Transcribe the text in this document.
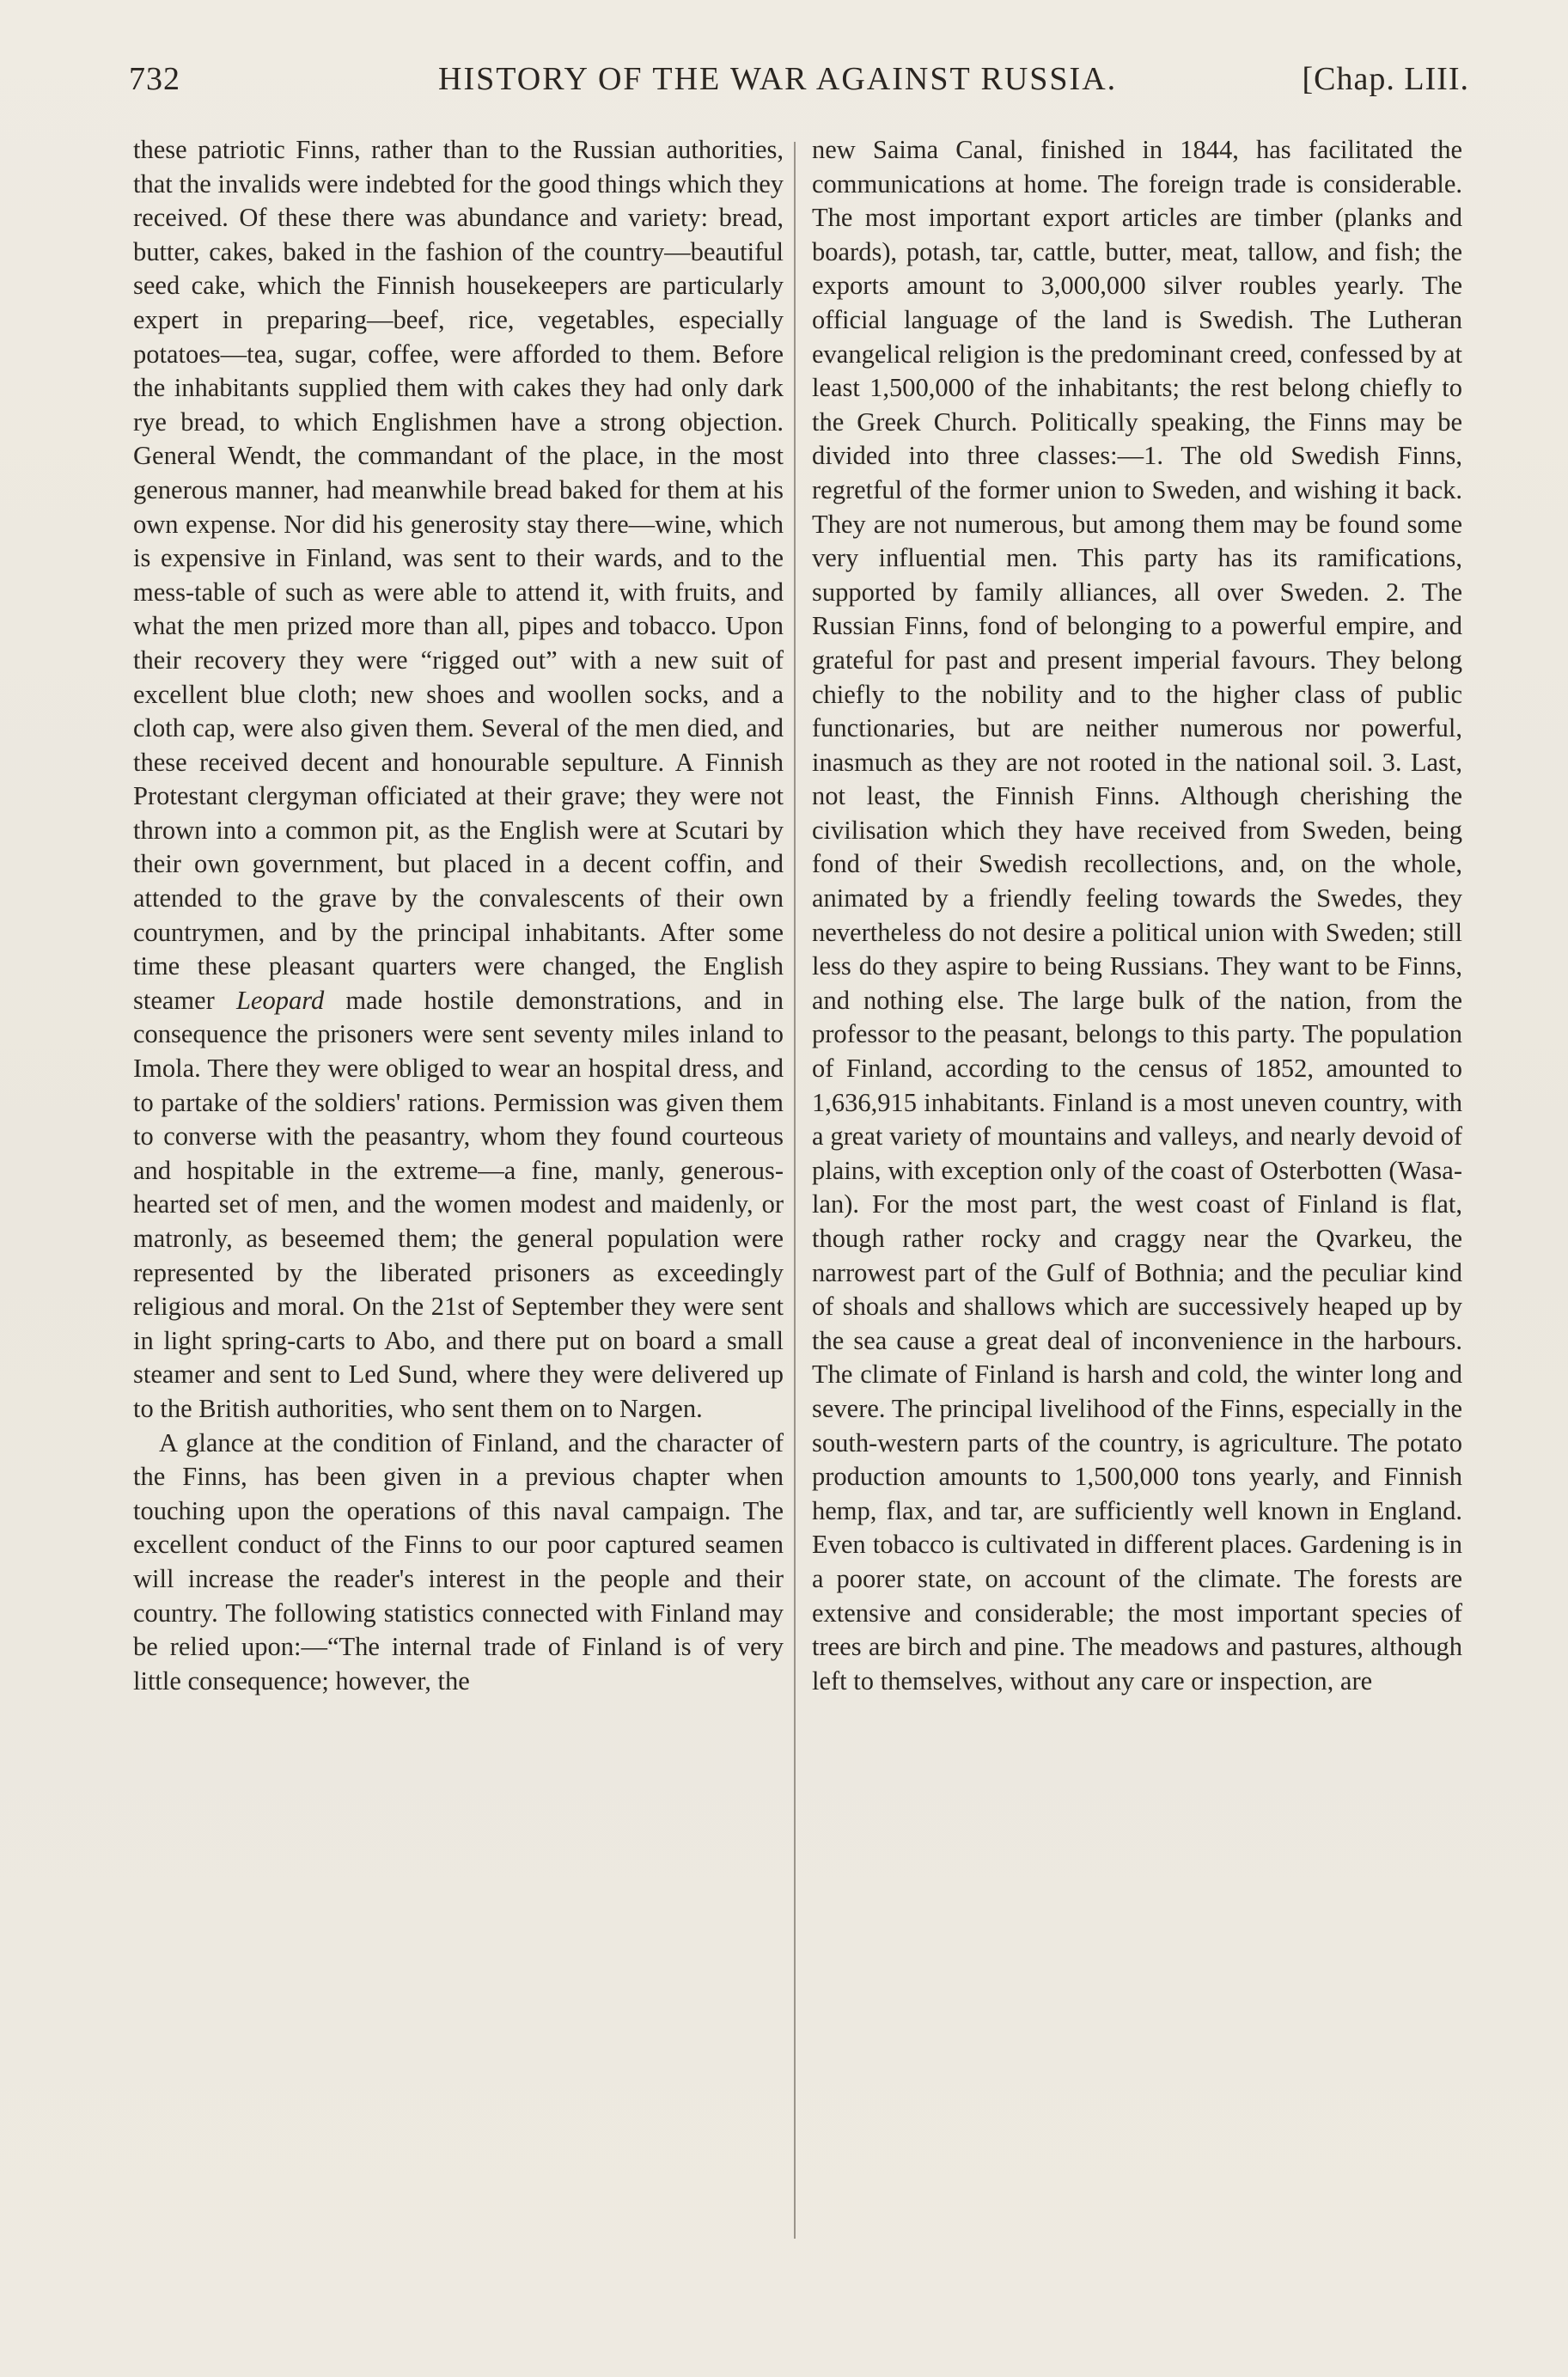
732	HISTORY OF THE WAR AGAINST RUSSIA.	[Chap. LIII.

these patriotic Finns, rather than to the Russian authorities, that the invalids were indebted for the good things which they received. Of these there was abundance and variety: bread, butter, cakes, baked in the fashion of the country—beautiful seed cake, which the Finnish housekeepers are particularly expert in preparing—beef, rice, vegetables, especially potatoes—tea, sugar, coffee, were afforded to them. Before the inhabitants supplied them with cakes they had only dark rye bread, to which Englishmen have a strong objection. General Wendt, the commandant of the place, in the most generous manner, had meanwhile bread baked for them at his own expense. Nor did his generosity stay there—wine, which is expensive in Finland, was sent to their wards, and to the mess-table of such as were able to attend it, with fruits, and what the men prized more than all, pipes and tobacco. Upon their recovery they were “rigged out” with a new suit of excellent blue cloth; new shoes and woollen socks, and a cloth cap, were also given them. Several of the men died, and these received decent and honourable sepulture. A Finnish Protestant clergyman officiated at their grave; they were not thrown into a common pit, as the English were at Scutari by their own government, but placed in a decent coffin, and attended to the grave by the convalescents of their own countrymen, and by the principal inhabitants. After some time these pleasant quarters were changed, the English steamer Leopard made hostile demonstrations, and in consequence the prisoners were sent seventy miles inland to Imola. There they were obliged to wear an hospital dress, and to partake of the soldiers' rations. Permission was given them to converse with the peasantry, whom they found courteous and hospitable in the extreme—a fine, manly, generous-hearted set of men, and the women modest and maidenly, or matronly, as beseemed them; the general population were represented by the liberated prisoners as exceedingly religious and moral. On the 21st of September they were sent in light spring-carts to Abo, and there put on board a small steamer and sent to Led Sund, where they were delivered up to the British authorities, who sent them on to Nargen.

A glance at the condition of Finland, and the character of the Finns, has been given in a previous chapter when touching upon the operations of this naval campaign. The excellent conduct of the Finns to our poor captured seamen will increase the reader's interest in the people and their country. The following statistics connected with Finland may be relied upon:—“The internal trade of Finland is of very little consequence; however, the

new Saima Canal, finished in 1844, has facilitated the communications at home. The foreign trade is considerable. The most important export articles are timber (planks and boards), potash, tar, cattle, butter, meat, tallow, and fish; the exports amount to 3,000,000 silver roubles yearly. The official language of the land is Swedish. The Lutheran evangelical religion is the predominant creed, confessed by at least 1,500,000 of the inhabitants; the rest belong chiefly to the Greek Church. Politically speaking, the Finns may be divided into three classes:—1. The old Swedish Finns, regretful of the former union to Sweden, and wishing it back. They are not numerous, but among them may be found some very influential men. This party has its ramifications, supported by family alliances, all over Sweden. 2. The Russian Finns, fond of belonging to a powerful empire, and grateful for past and present imperial favours. They belong chiefly to the nobility and to the higher class of public functionaries, but are neither numerous nor powerful, inasmuch as they are not rooted in the national soil. 3. Last, not least, the Finnish Finns. Although cherishing the civilisation which they have received from Sweden, being fond of their Swedish recollections, and, on the whole, animated by a friendly feeling towards the Swedes, they nevertheless do not desire a political union with Sweden; still less do they aspire to being Russians. They want to be Finns, and nothing else. The large bulk of the nation, from the professor to the peasant, belongs to this party. The population of Finland, according to the census of 1852, amounted to 1,636,915 inhabitants. Finland is a most uneven country, with a great variety of mountains and valleys, and nearly devoid of plains, with exception only of the coast of Osterbotten (Wasa-lan). For the most part, the west coast of Finland is flat, though rather rocky and craggy near the Qvarkeu, the narrowest part of the Gulf of Bothnia; and the peculiar kind of shoals and shallows which are successively heaped up by the sea cause a great deal of inconvenience in the harbours. The climate of Finland is harsh and cold, the winter long and severe. The principal livelihood of the Finns, especially in the south-western parts of the country, is agriculture. The potato production amounts to 1,500,000 tons yearly, and Finnish hemp, flax, and tar, are sufficiently well known in England. Even tobacco is cultivated in different places. Gardening is in a poorer state, on account of the climate. The forests are extensive and considerable; the most important species of trees are birch and pine. The meadows and pastures, although left to themselves, without any care or inspection, are
